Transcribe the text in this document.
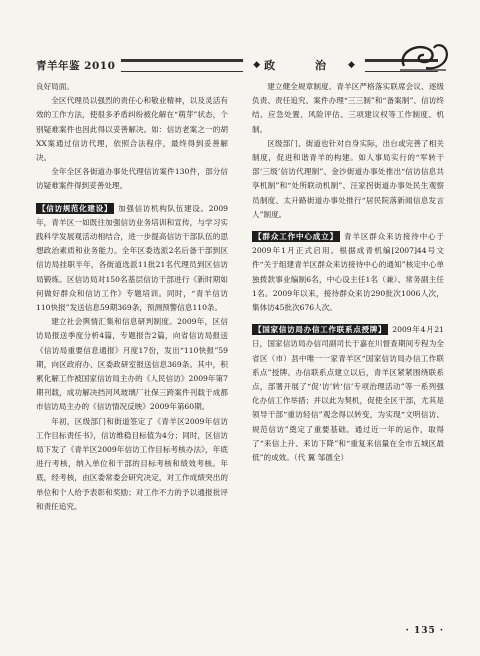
青羊年鉴 2010	◆ 政 治 ◆

良好局面。

全区代理员以强烈的责任心和敬业精神，以及灵活有效的工作方法，使很多矛盾纠纷被化解在“萌芽”状态，个别疑难案件也因此得以妥善解决。如：信访老案之一的胡XX案通过信访代理，依照合法程序，最终得到妥善解决。

全年全区各街道办事处代理信访案件130件，部分信访疑难案件得到妥善处理。

【信访规范化建设】 加强信访机构队伍建设。2009年，青羊区一如既往加强信访业务培训和宣传，与学习实践科学发展观活动相结合，进一步提高信访干部队伍的思想政治素质和业务能力。全年区委选派2名后备干部到区信访局挂职半年，各街道选派11批21名代理员到区信访局锻炼。区信访局对150名基层信访干部进行《新时期如何做好群众和信访工作》专题培训。同时，“青羊信访110快报”发送信息59期369条，预测预警信息110条。

建立社会舆情汇集和信息研判制度。2009年，区信访局报送季度分析4篇，专题报告2篇，向省信访局报送《信访局重要信息通报》月度17份，发出“110快报”59期，向区政府办、区委政研室报送信息369条。其中，积累化解工作被国家信访局主办的《人民信访》2009年第7期刊载，成功解决挡河风玻璃厂社保三跨案件刊载于成都市信访局主办的《信访情况反映》2009年第60期。

年初，区级部门和街道签定了《青羊区2009年信访工作目标责任书》，信访维稳目标值为4分；同时，区信访局下发了《青羊区2009年信访工作目标考核办法》，年底进行考核，纳入单位和干部的目标考核和绩效考核。年底，经考核，由区委常委会研究决定，对工作成绩突出的单位和个人给予表彰和奖励；对工作不力的予以通报批评和责任追究。

建立健全规章制度。青羊区严格落实联席会议、逐级负责、责任追究、案件办理“三三制”和“备案制”、信访终结、应急处置、风险评估、三项建议权等工作制度、机制。

区级部门、街道也针对自身实际，出台或完善了相关制度，促进和谐青羊的构建。如人事局实行的“军转干部‘三级’信访代理制”、金沙街道办事处推出“信访信息共享机制”和“处所联动机制”、汪家拐街道办事处民生观察员制度、太升路街道办事处推行“居民院落新闻信息发言人”制度。

【群众工作中心成立】 青羊区群众来访接待中心于2009年1月正式启用。根据成青机编[2007]44号文件“关于组建青羊区群众来访接待中心的通知”核定中心单独拨款事业编制6名，中心设主任1名（兼）、常务副主任1名。2009年以来，接待群众来访290批次1006人次，集体访45批次676人次。

【国家信访局办信工作联系点授牌】 2009年4月21日，国家信访局办信司副司长于嘉在川督查期间专程为全省区（市）县中唯一一家青羊区“国家信访局办信工作联系点”授牌。办信联系点建立以后，青羊区紧紧围绕联系点，部署开展了“促‘访’转‘信’专项治理活动”等一系列强化办信工作举措；并以此为契机，促使全区干部，尤其是领导干部“重访轻信”观念得以转变，为实现“文明信访、规范信访”奠定了重要基础。通过近一年的运作，取得了“来信上升、来访下降”和“重复来信量在全市五城区最低”的成效。（代 翼 邹德全）

· 135 ·
